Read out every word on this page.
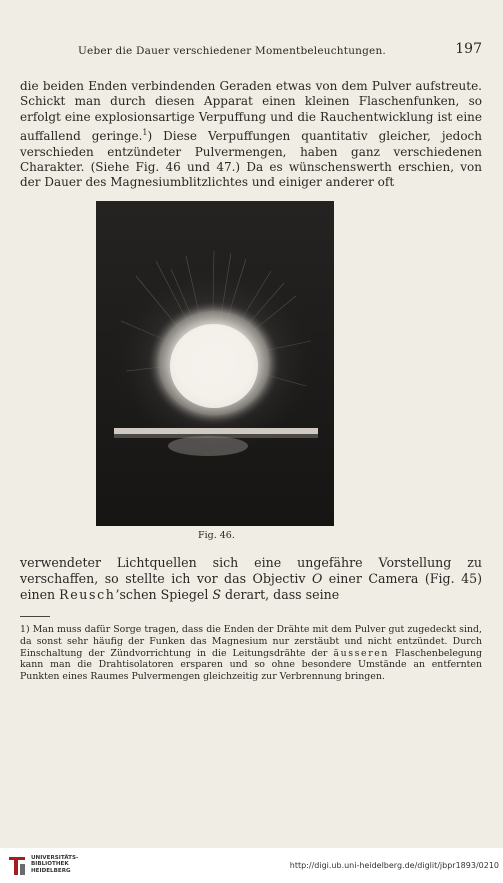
Ueber die Dauer verschiedener Momentbeleuchtungen.	197

die beiden Enden verbindenden Geraden etwas von dem Pulver aufstreute. Schickt man durch diesen Apparat einen kleinen Flaschenfunken, so erfolgt eine explosionsartige Verpuffung und die Rauchentwicklung ist eine auffallend geringe.$^1$) Diese Verpuffungen quantitativ gleicher, jedoch verschieden entzündeter Pulvermengen, haben ganz verschiedenen Charakter. (Siehe Fig. 46 und 47.) Da es wünschenswerth erschien, von der Dauer des Magnesiumblitzlichtes und einiger anderer oft

Fig. 46.

verwendeter Lichtquellen sich eine ungefähre Vorstellung zu verschaffen, so stellte ich vor das Objectiv O einer Camera (Fig. 45) einen Reusch’schen Spiegel S derart, dass seine

1) Man muss dafür Sorge tragen, dass die Enden der Drähte mit dem Pulver gut zugedeckt sind, da sonst sehr häufig der Funken das Magnesium nur zerstäubt und nicht entzündet. Durch Einschaltung der Zündvorrichtung in die Leitungsdrähte der äusseren Flaschenbelegung kann man die Drahtisolatoren ersparen und so ohne besondere Umstände an entfernten Punkten eines Raumes Pulvermengen gleichzeitig zur Verbrennung bringen.

UNIVERSITÄTS-
BIBLIOTHEK
HEIDELBERG
http://digi.ub.uni-heidelberg.de/diglit/jbpr1893/0210
